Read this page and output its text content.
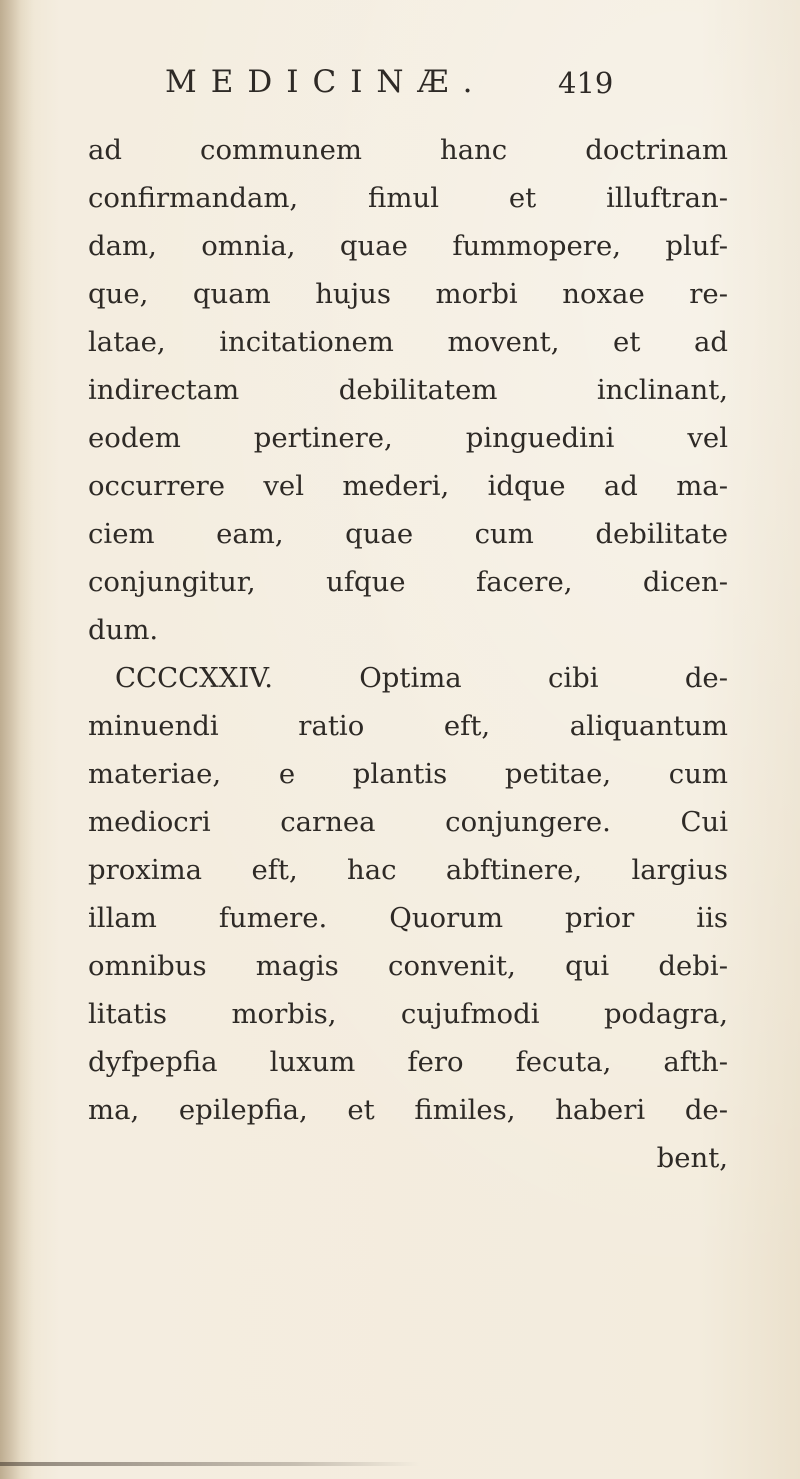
MEDICINÆ. 419
ad communem hanc doctrinam
confirmandam, fimul et illuftran-
dam, omnia, quae fummopere, pluf-
que, quam hujus morbi noxae re-
latae, incitationem movent, et ad
indirectam debilitatem inclinant,
eodem pertinere, pinguedini vel
occurrere vel mederi, idque ad ma-
ciem eam, quae cum debilitate
conjungitur, ufque facere, dicen-
dum.
CCCCXXIV. Optima cibi de-
minuendi ratio eft, aliquantum
materiae, e plantis petitae, cum
mediocri carnea conjungere. Cui
proxima eft, hac abftinere, largius
illam fumere. Quorum prior iis
omnibus magis convenit, qui debi-
litatis morbis, cujufmodi podagra,
dyfpepfia luxum fero fecuta, afth-
ma, epilepfia, et fimiles, haberi de-
bent,
